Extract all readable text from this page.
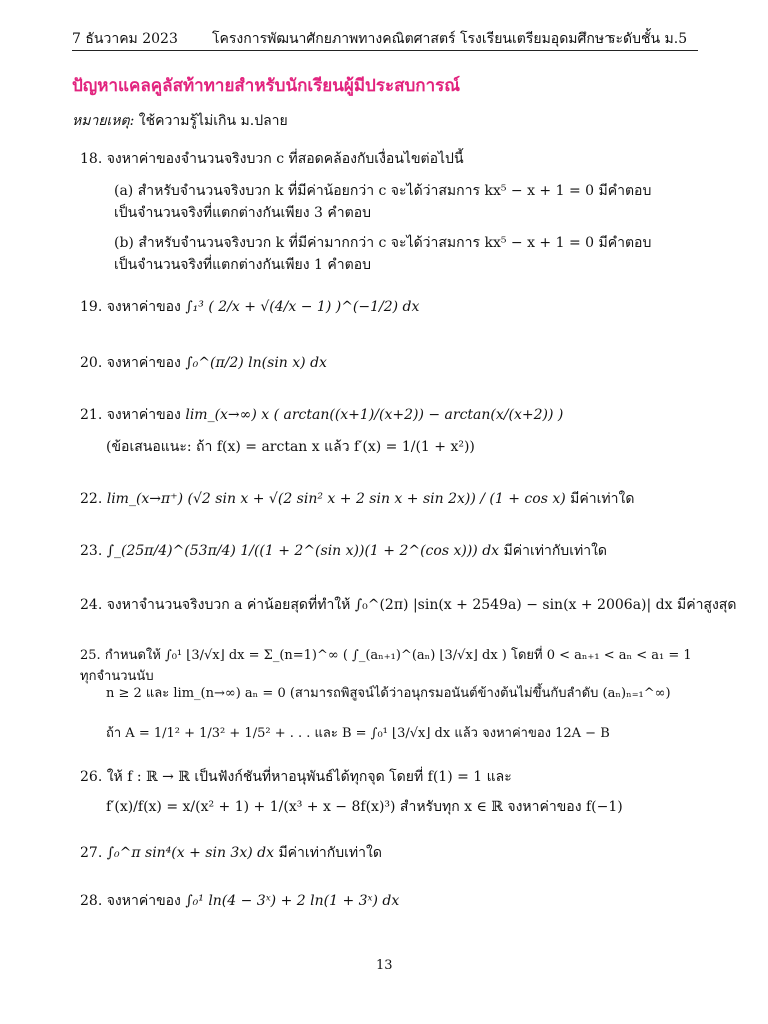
7 ธันวาคม 2023 โครงการพัฒนาศักยภาพทางคณิตศาสตร์ โรงเรียนเตรียมอุดมศึกษา
ระดับชั้น ม.5
ปัญหาแคลคูลัสท้าทายสำหรับนักเรียนผู้มีประสบการณ์
หมายเหตุ: ใช้ความรู้ไม่เกิน ม.ปลาย
18. จงหาค่าของจำนวนจริงบวก c ที่สอดคล้องกับเงื่อนไขต่อไปนี้
(a) สำหรับจำนวนจริงบวก k ที่มีค่าน้อยกว่า c จะได้ว่าสมการ kx⁵ − x + 1 = 0 มีคำตอบเป็นจำนวนจริงที่แตกต่างกันเพียง 3 คำตอบ
(b) สำหรับจำนวนจริงบวก k ที่มีค่ามากกว่า c จะได้ว่าสมการ kx⁵ − x + 1 = 0 มีคำตอบเป็นจำนวนจริงที่แตกต่างกันเพียง 1 คำตอบ
19. จงหาค่าของ ∫₁³ ( 2/x + √(4/x − 1) )^(−1/2) dx
20. จงหาค่าของ ∫₀^(π/2) ln(sin x) dx
21. จงหาค่าของ lim_(x→∞) x ( arctan((x+1)/(x+2)) − arctan(x/(x+2)) )
(ข้อเสนอแนะ: ถ้า f(x) = arctan x แล้ว f′(x) = 1/(1 + x²))
22. lim_(x→π⁺) (√2 sin x + √(2 sin² x + 2 sin x + sin 2x)) / (1 + cos x) มีค่าเท่าใด
23. ∫_(25π/4)^(53π/4) 1/((1 + 2^(sin x))(1 + 2^(cos x))) dx มีค่าเท่ากับเท่าใด
24. จงหาจำนวนจริงบวก a ค่าน้อยสุดที่ทำให้ ∫₀^(2π) |sin(x + 2549a) − sin(x + 2006a)| dx มีค่าสูงสุด
25. กำหนดให้ ∫₀¹ ⌊3/√x⌋ dx = Σ_(n=1)^∞ ( ∫_(aₙ₊₁)^(aₙ) ⌊3/√x⌋ dx ) โดยที่ 0 < aₙ₊₁ < aₙ < a₁ = 1 ทุกจำนวนนับ
n ≥ 2 และ lim_(n→∞) aₙ = 0 (สามารถพิสูจน์ได้ว่าอนุกรมอนันต์ข้างต้นไม่ขึ้นกับลำดับ (aₙ)ₙ₌₁^∞)
ถ้า A = 1/1² + 1/3² + 1/5² + . . . และ B = ∫₀¹ ⌊3/√x⌋ dx แล้ว จงหาค่าของ 12A − B
26. ให้ f : ℝ → ℝ เป็นฟังก์ชันที่หาอนุพันธ์ได้ทุกจุด โดยที่ f(1) = 1 และ
f′(x)/f(x) = x/(x² + 1) + 1/(x³ + x − 8f(x)³) สำหรับทุก x ∈ ℝ จงหาค่าของ f(−1)
27. ∫₀^π sin⁴(x + sin 3x) dx มีค่าเท่ากับเท่าใด
28. จงหาค่าของ ∫₀¹ ln(4 − 3ˣ) + 2 ln(1 + 3ˣ) dx
13
